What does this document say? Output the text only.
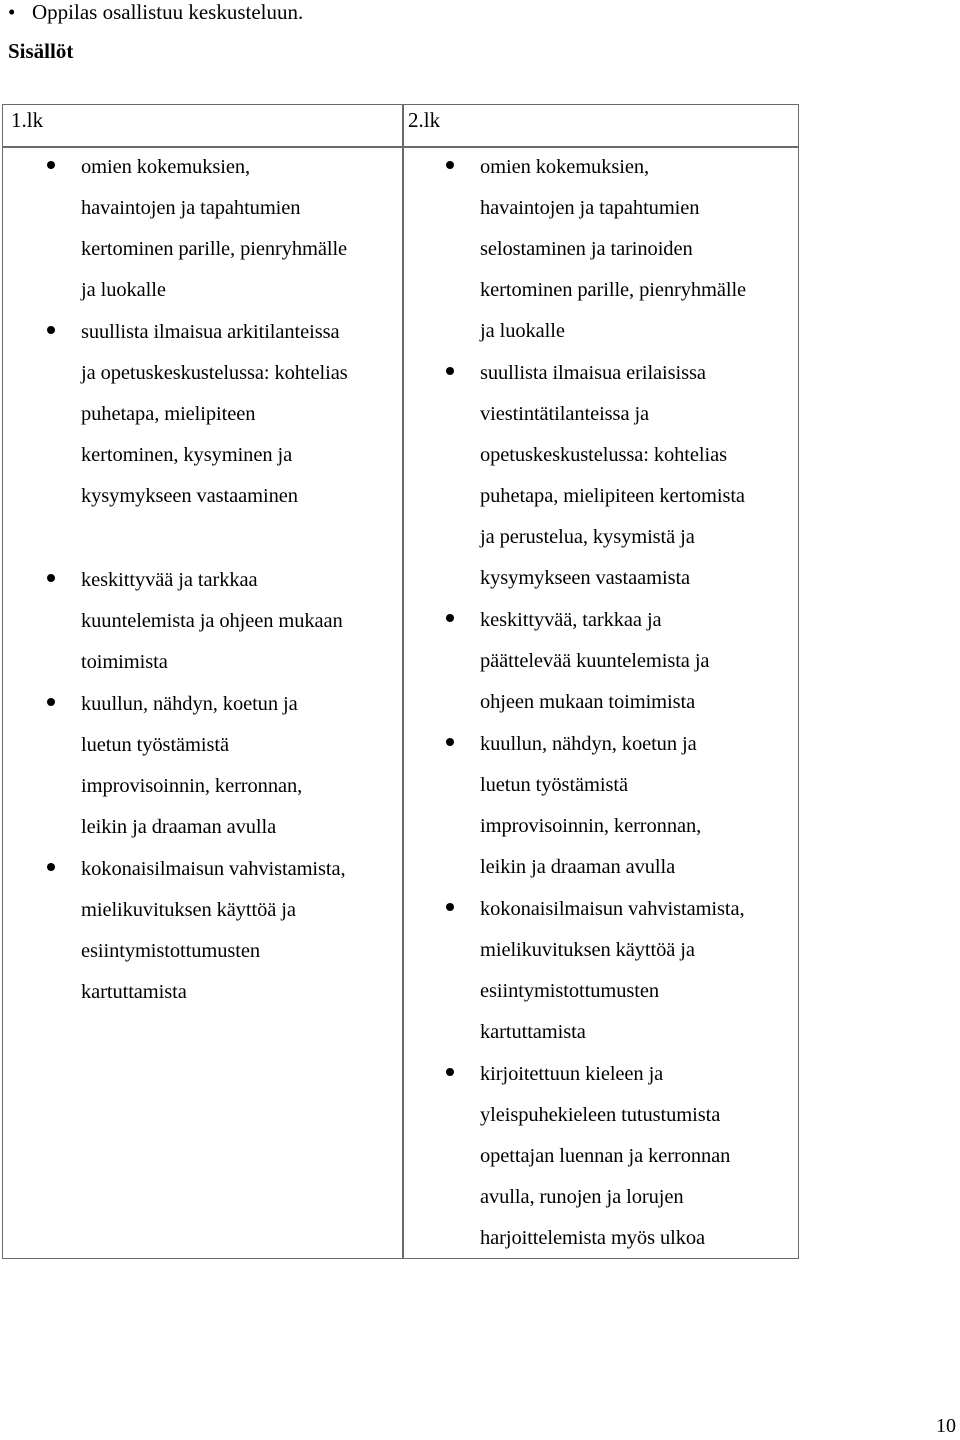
• Oppilas osallistuu keskusteluun.
Sisällöt
1.lk	2.lk
omien kokemuksien,
havaintojen ja tapahtumien
kertominen parille, pienryhmälle
ja luokalle
suullista ilmaisua arkitilanteissa
ja opetuskeskustelussa: kohtelias
puhetapa, mielipiteen
kertominen, kysyminen ja
kysymykseen vastaaminen
keskittyvää ja tarkkaa
kuuntelemista ja ohjeen mukaan
toimimista
kuullun, nähdyn, koetun ja
luetun työstämistä
improvisoinnin, kerronnan,
leikin ja draaman avulla
kokonaisilmaisun vahvistamista,
mielikuvituksen käyttöä ja
esiintymistottumusten
kartuttamista
omien kokemuksien,
havaintojen ja tapahtumien
selostaminen ja tarinoiden
kertominen parille, pienryhmälle
ja luokalle
suullista ilmaisua erilaisissa
viestintätilanteissa ja
opetuskeskustelussa: kohtelias
puhetapa, mielipiteen kertomista
ja perustelua, kysymistä ja
kysymykseen vastaamista
keskittyvää, tarkkaa ja
päättelevää kuuntelemista ja
ohjeen mukaan toimimista
kuullun, nähdyn, koetun ja
luetun työstämistä
improvisoinnin, kerronnan,
leikin ja draaman avulla
kokonaisilmaisun vahvistamista,
mielikuvituksen käyttöä ja
esiintymistottumusten
kartuttamista
kirjoitettuun kieleen ja
yleispuhekieleen tutustumista
opettajan luennan ja kerronnan
avulla, runojen ja lorujen
harjoittelemista myös ulkoa
10
